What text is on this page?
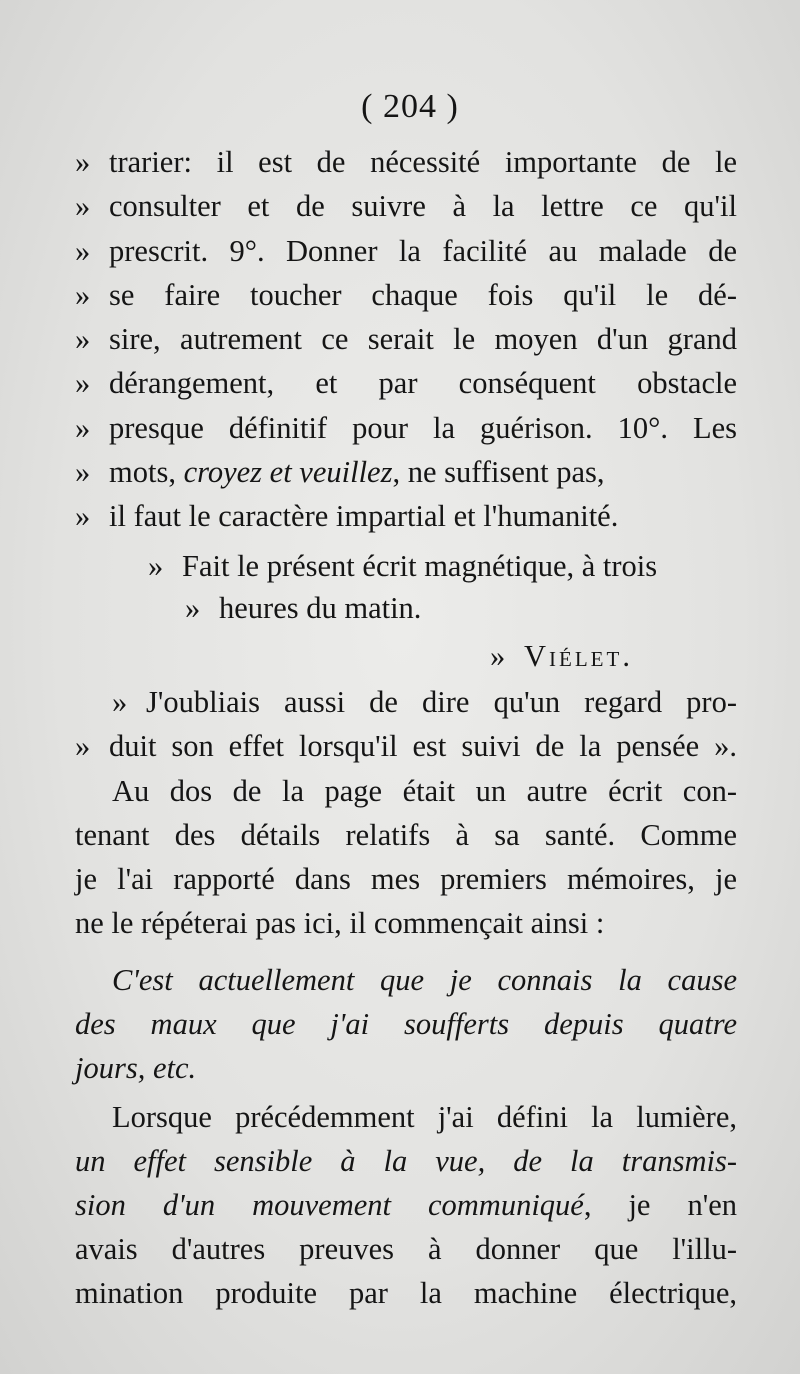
( 204 )
» trarier: il est de nécessité importante de le
» consulter et de suivre à la lettre ce qu'il
» prescrit. 9°. Donner la facilité au malade de
» se faire toucher chaque fois qu'il le dé-
» sire, autrement ce serait le moyen d'un grand
» dérangement, et par conséquent obstacle
» presque définitif pour la guérison. 10°. Les
» mots, croyez et veuillez, ne suffisent pas,
» il faut le caractère impartial et l'humanité.
» Fait le présent écrit magnétique, à trois
» heures du matin.
» Viélet.
» J'oubliais aussi de dire qu'un regard pro-
» duit son effet lorsqu'il est suivi de la pensée ».
Au dos de la page était un autre écrit con-
tenant des détails relatifs à sa santé. Comme
je l'ai rapporté dans mes premiers mémoires, je
ne le répéterai pas ici, il commençait ainsi :
C'est actuellement que je connais la cause
des maux que j'ai soufferts depuis quatre
jours, etc.
Lorsque précédemment j'ai défini la lumière,
un effet sensible à la vue, de la transmis-
sion d'un mouvement communiqué, je n'en
avais d'autres preuves à donner que l'illu-
mination produite par la machine électrique,
